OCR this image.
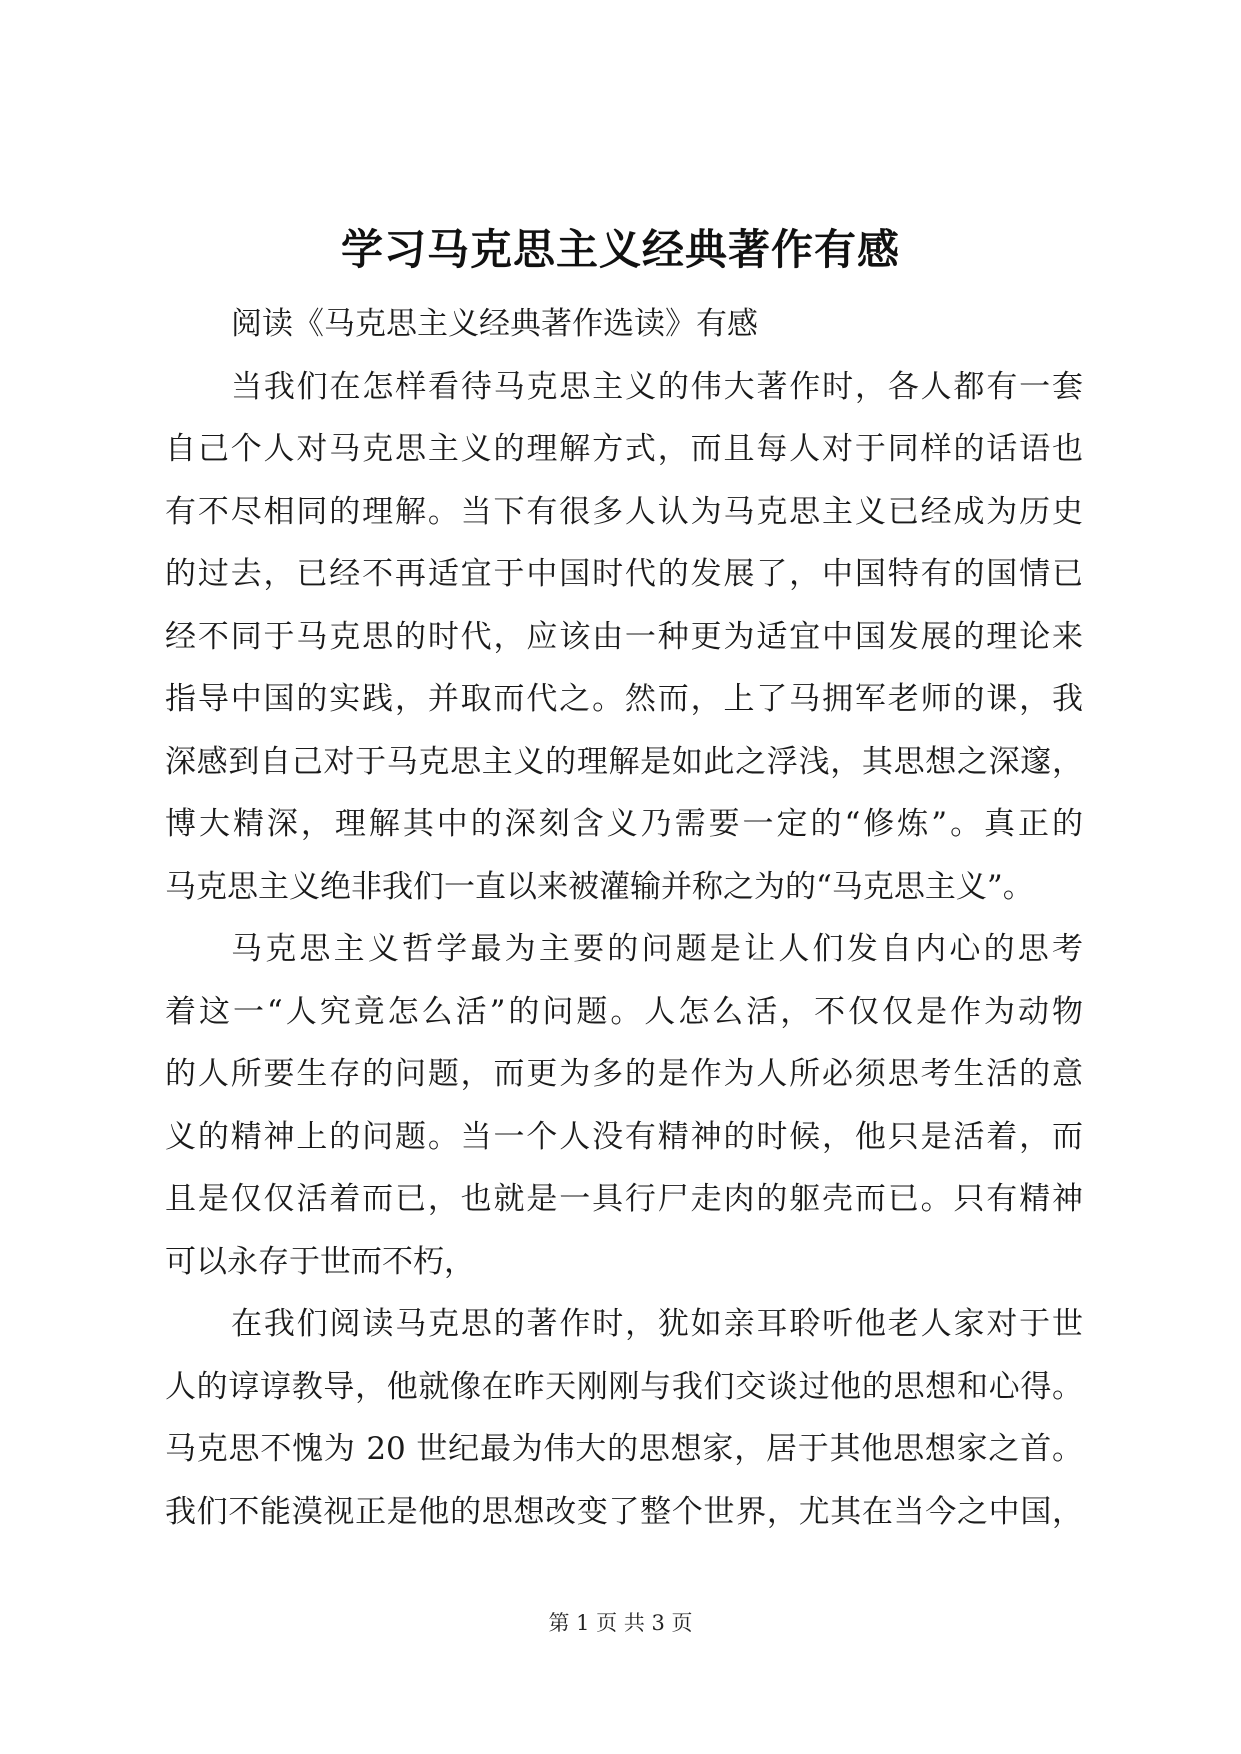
学习马克思主义经典著作有感
阅读《马克思主义经典著作选读》有感
当我们在怎样看待马克思主义的伟大著作时，各人都有一套
自己个人对马克思主义的理解方式，而且每人对于同样的话语也
有不尽相同的理解。当下有很多人认为马克思主义已经成为历史
的过去，已经不再适宜于中国时代的发展了，中国特有的国情已
经不同于马克思的时代，应该由一种更为适宜中国发展的理论来
指导中国的实践，并取而代之。然而，上了马拥军老师的课，我
深感到自己对于马克思主义的理解是如此之浮浅，其思想之深邃，
博大精深，理解其中的深刻含义乃需要一定的“修炼”。真正的
马克思主义绝非我们一直以来被灌输并称之为的“马克思主义”。
马克思主义哲学最为主要的问题是让人们发自内心的思考
着这一“人究竟怎么活”的问题。人怎么活，不仅仅是作为动物
的人所要生存的问题，而更为多的是作为人所必须思考生活的意
义的精神上的问题。当一个人没有精神的时候，他只是活着，而
且是仅仅活着而已，也就是一具行尸走肉的躯壳而已。只有精神
可以永存于世而不朽，
在我们阅读马克思的著作时，犹如亲耳聆听他老人家对于世
人的谆谆教导，他就像在昨天刚刚与我们交谈过他的思想和心得。
马克思不愧为 20 世纪最为伟大的思想家，居于其他思想家之首。
我们不能漠视正是他的思想改变了整个世界，尤其在当今之中国，
第 1 页 共 3 页
